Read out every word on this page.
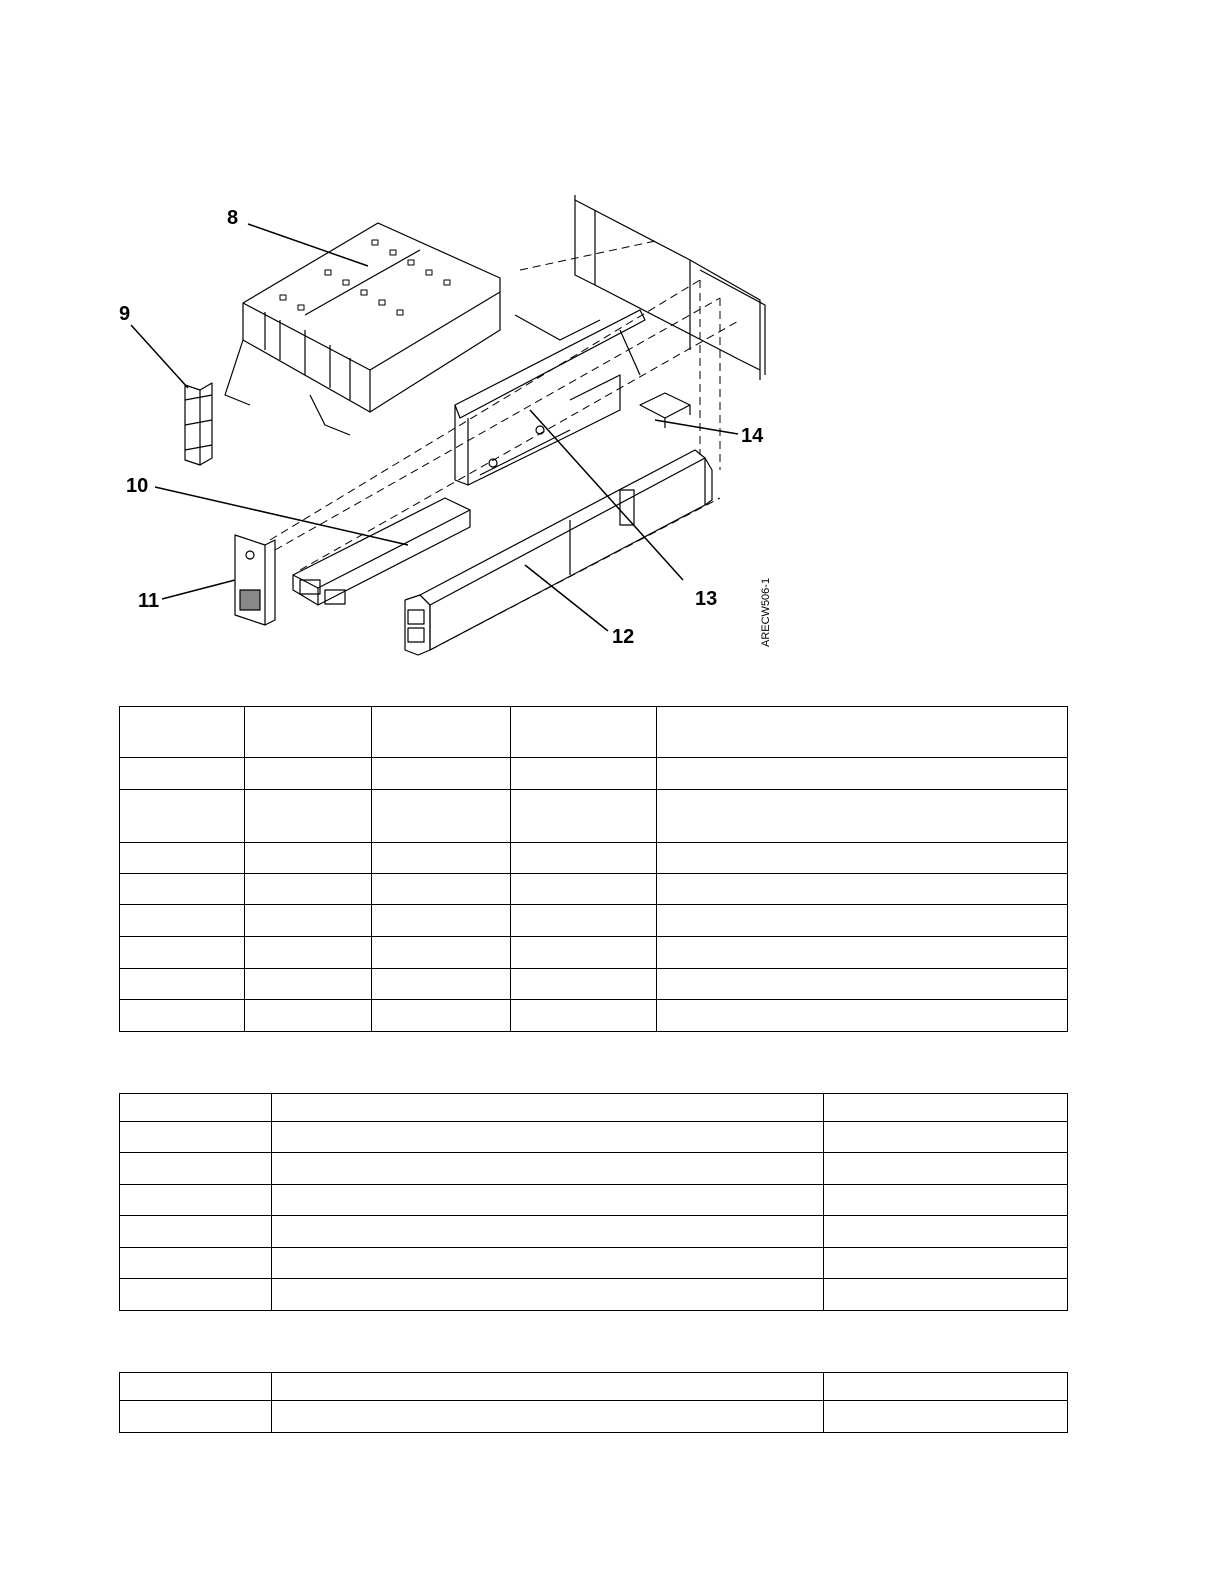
8
9
10
11
12
13
14
ARECW506-1
